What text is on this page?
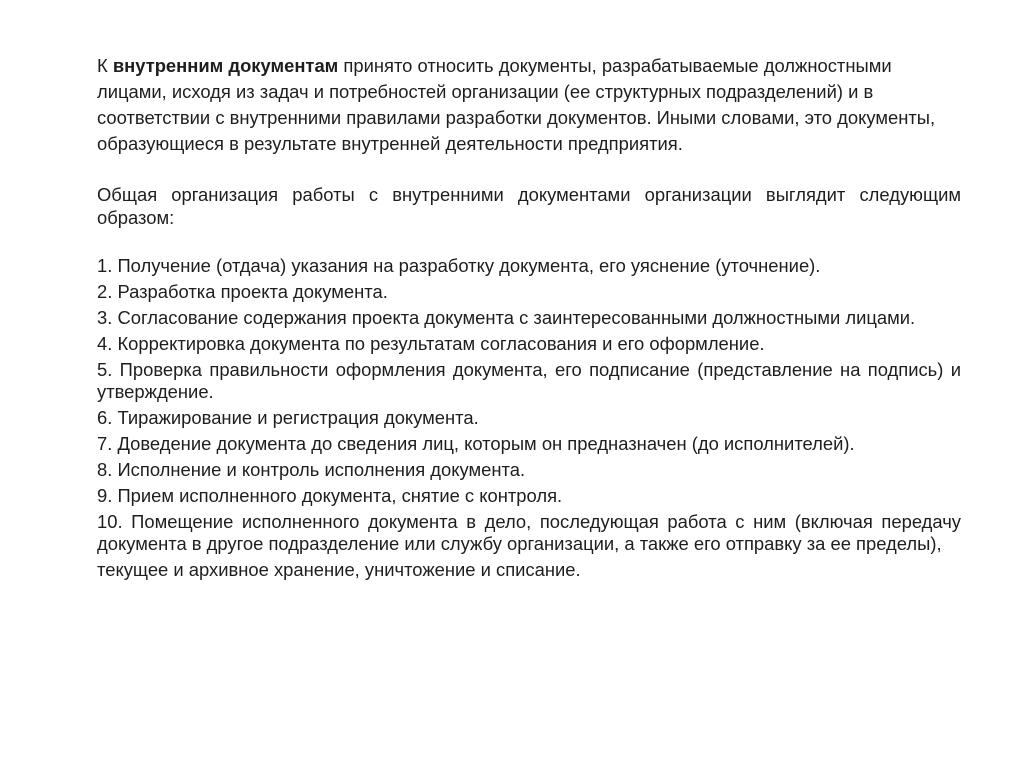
К внутренним документам принято относить документы, разрабатываемые должностными лицами, исходя из задач и потребностей организации (ее структурных подразделений) и в соответствии с внутренними правилами разработки документов. Иными словами, это документы, образующиеся в результате внутренней деятельности предприятия.

Общая организация работы с внутренними документами организации выглядит следующим образом:

1. Получение (отдача) указания на разработку документа, его уяснение (уточнение).
2. Разработка проекта документа.
3. Согласование содержания проекта документа с заинтересованными должностными лицами.
4. Корректировка документа по результатам согласования и его оформление.
5. Проверка правильности оформления документа, его подписание (представление на подпись) и утверждение.
6. Тиражирование и регистрация документа.
7. Доведение документа до сведения лиц, которым он предназначен (до исполнителей).
8. Исполнение и контроль исполнения документа.
9. Прием исполненного документа, снятие с контроля.
10. Помещение исполненного документа в дело, последующая работа с ним (включая передачу документа в другое подразделение или службу организации, а также его отправку за ее пределы),

текущее и архивное хранение, уничтожение и списание.
